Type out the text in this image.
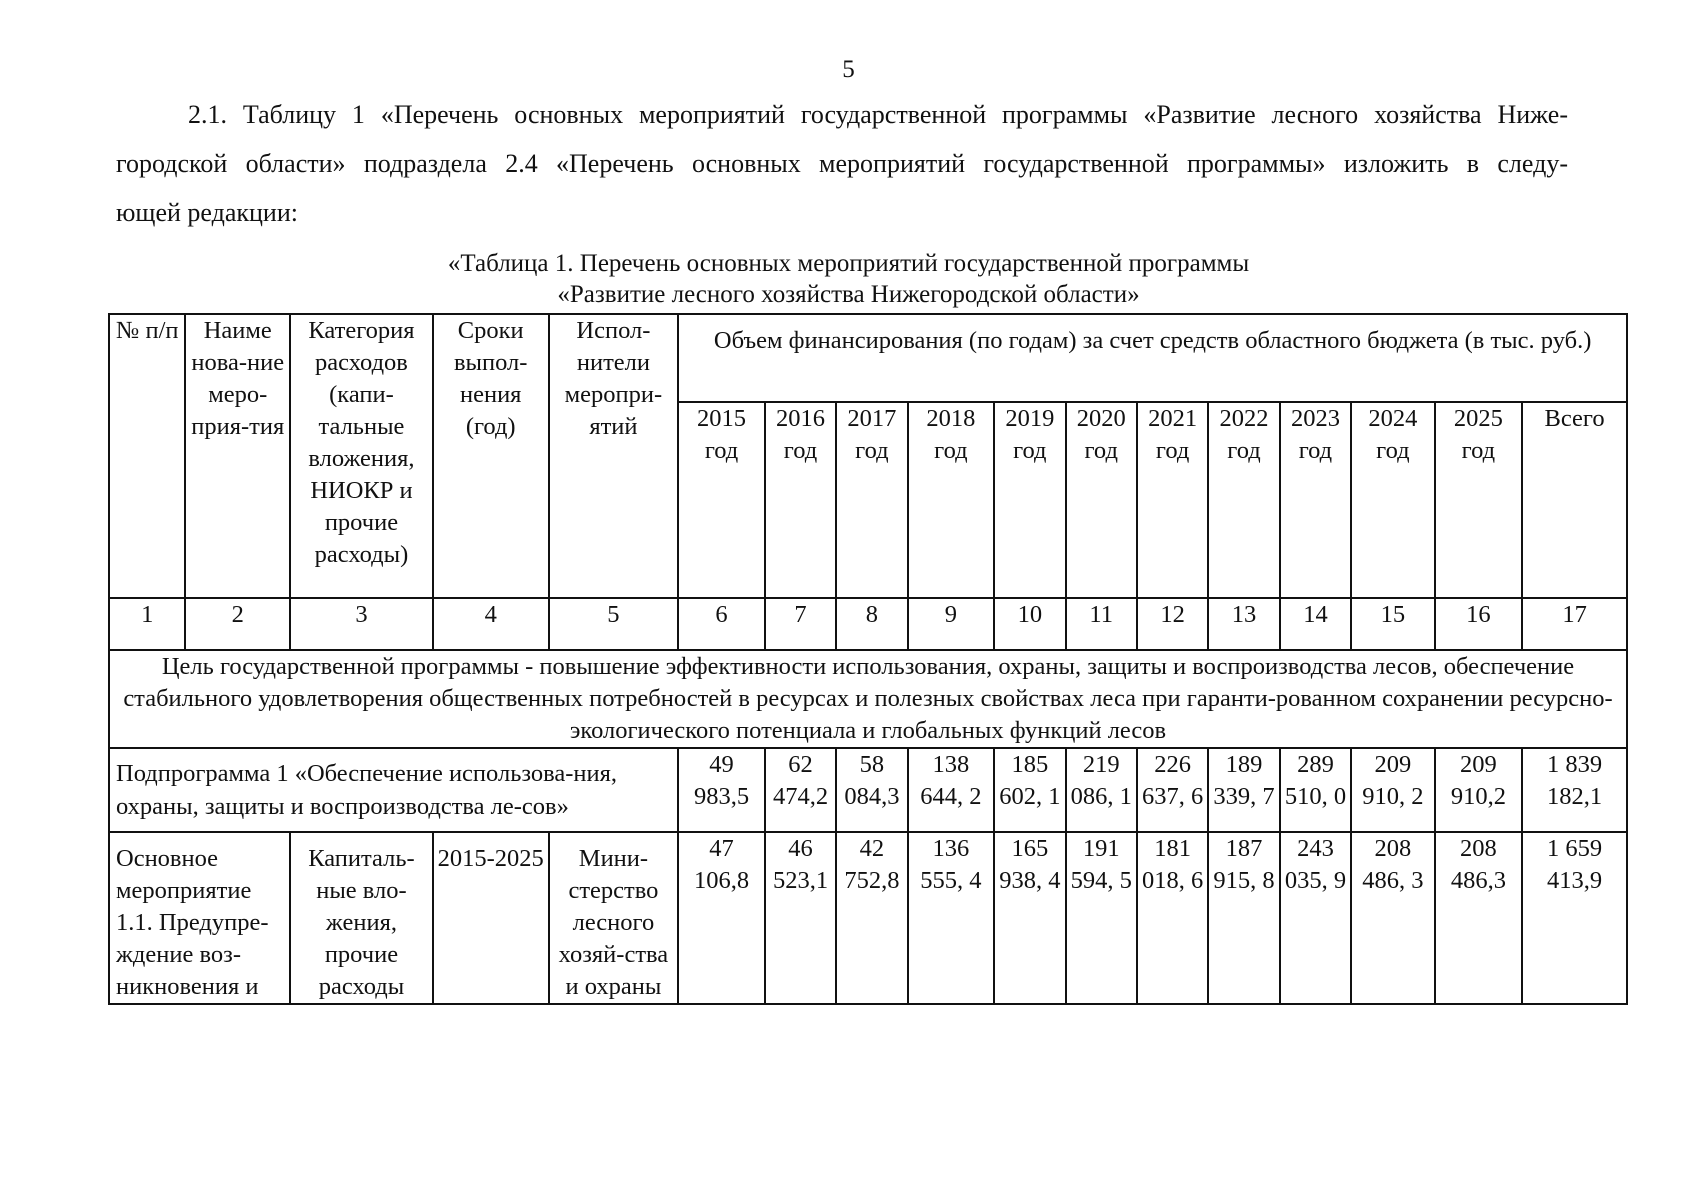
5
2.1. Таблицу 1 «Перечень основных мероприятий государственной программы «Развитие лесного хозяйства Ниже-
городской области» подраздела 2.4 «Перечень основных мероприятий государственной программы» изложить в следу-
ющей редакции:
«Таблица 1. Перечень основных мероприятий государственной программы
«Развитие лесного хозяйства Нижегородской области»
№ п/п	Наиме нова-ние меро-прия-тия	Категория расходов (капи-тальные вложения, НИОКР и прочие расходы)	Сроки выпол-нения (год)	Испол-нители меропри-ятий	Объем финансирования (по годам) за счет средств областного бюджета (в тыс. руб.)											
					2015 год	2016 год	2017 год	2018 год	2019 год	2020 год	2021 год	2022 год	2023 год	2024 год	2025 год	Всего
1	2	3	4	5	6	7	8	9	10	11	12	13	14	15	16	17
Цель государственной программы - повышение эффективности использования, охраны, защиты и воспроизводства лесов, обеспечение стабильного удовлетворения общественных потребностей в ресурсах и полезных свойствах леса при гаранти-рованном сохранении ресурсно-экологического потенциала и глобальных функций лесов																
Подпрограмма 1 «Обеспечение использова-ния, охраны, защиты и воспроизводства ле-сов»					49 983,5	62 474,2	58 084,3	138 644, 2	185 602, 1	219 086, 1	226 637, 6	189 339, 7	289 510, 0	209 910, 2	209 910,2	1 839 182,1
Основное мероприятие 1.1. Предупре-ждение воз-никновения и		Капиталь-ные вло-жения, прочие расходы	2015-2025	Мини-стерство лесного хозяй-ства и охраны	47 106,8	46 523,1	42 752,8	136 555, 4	165 938, 4	191 594, 5	181 018, 6	187 915, 8	243 035, 9	208 486, 3	208 486,3	1 659 413,9
